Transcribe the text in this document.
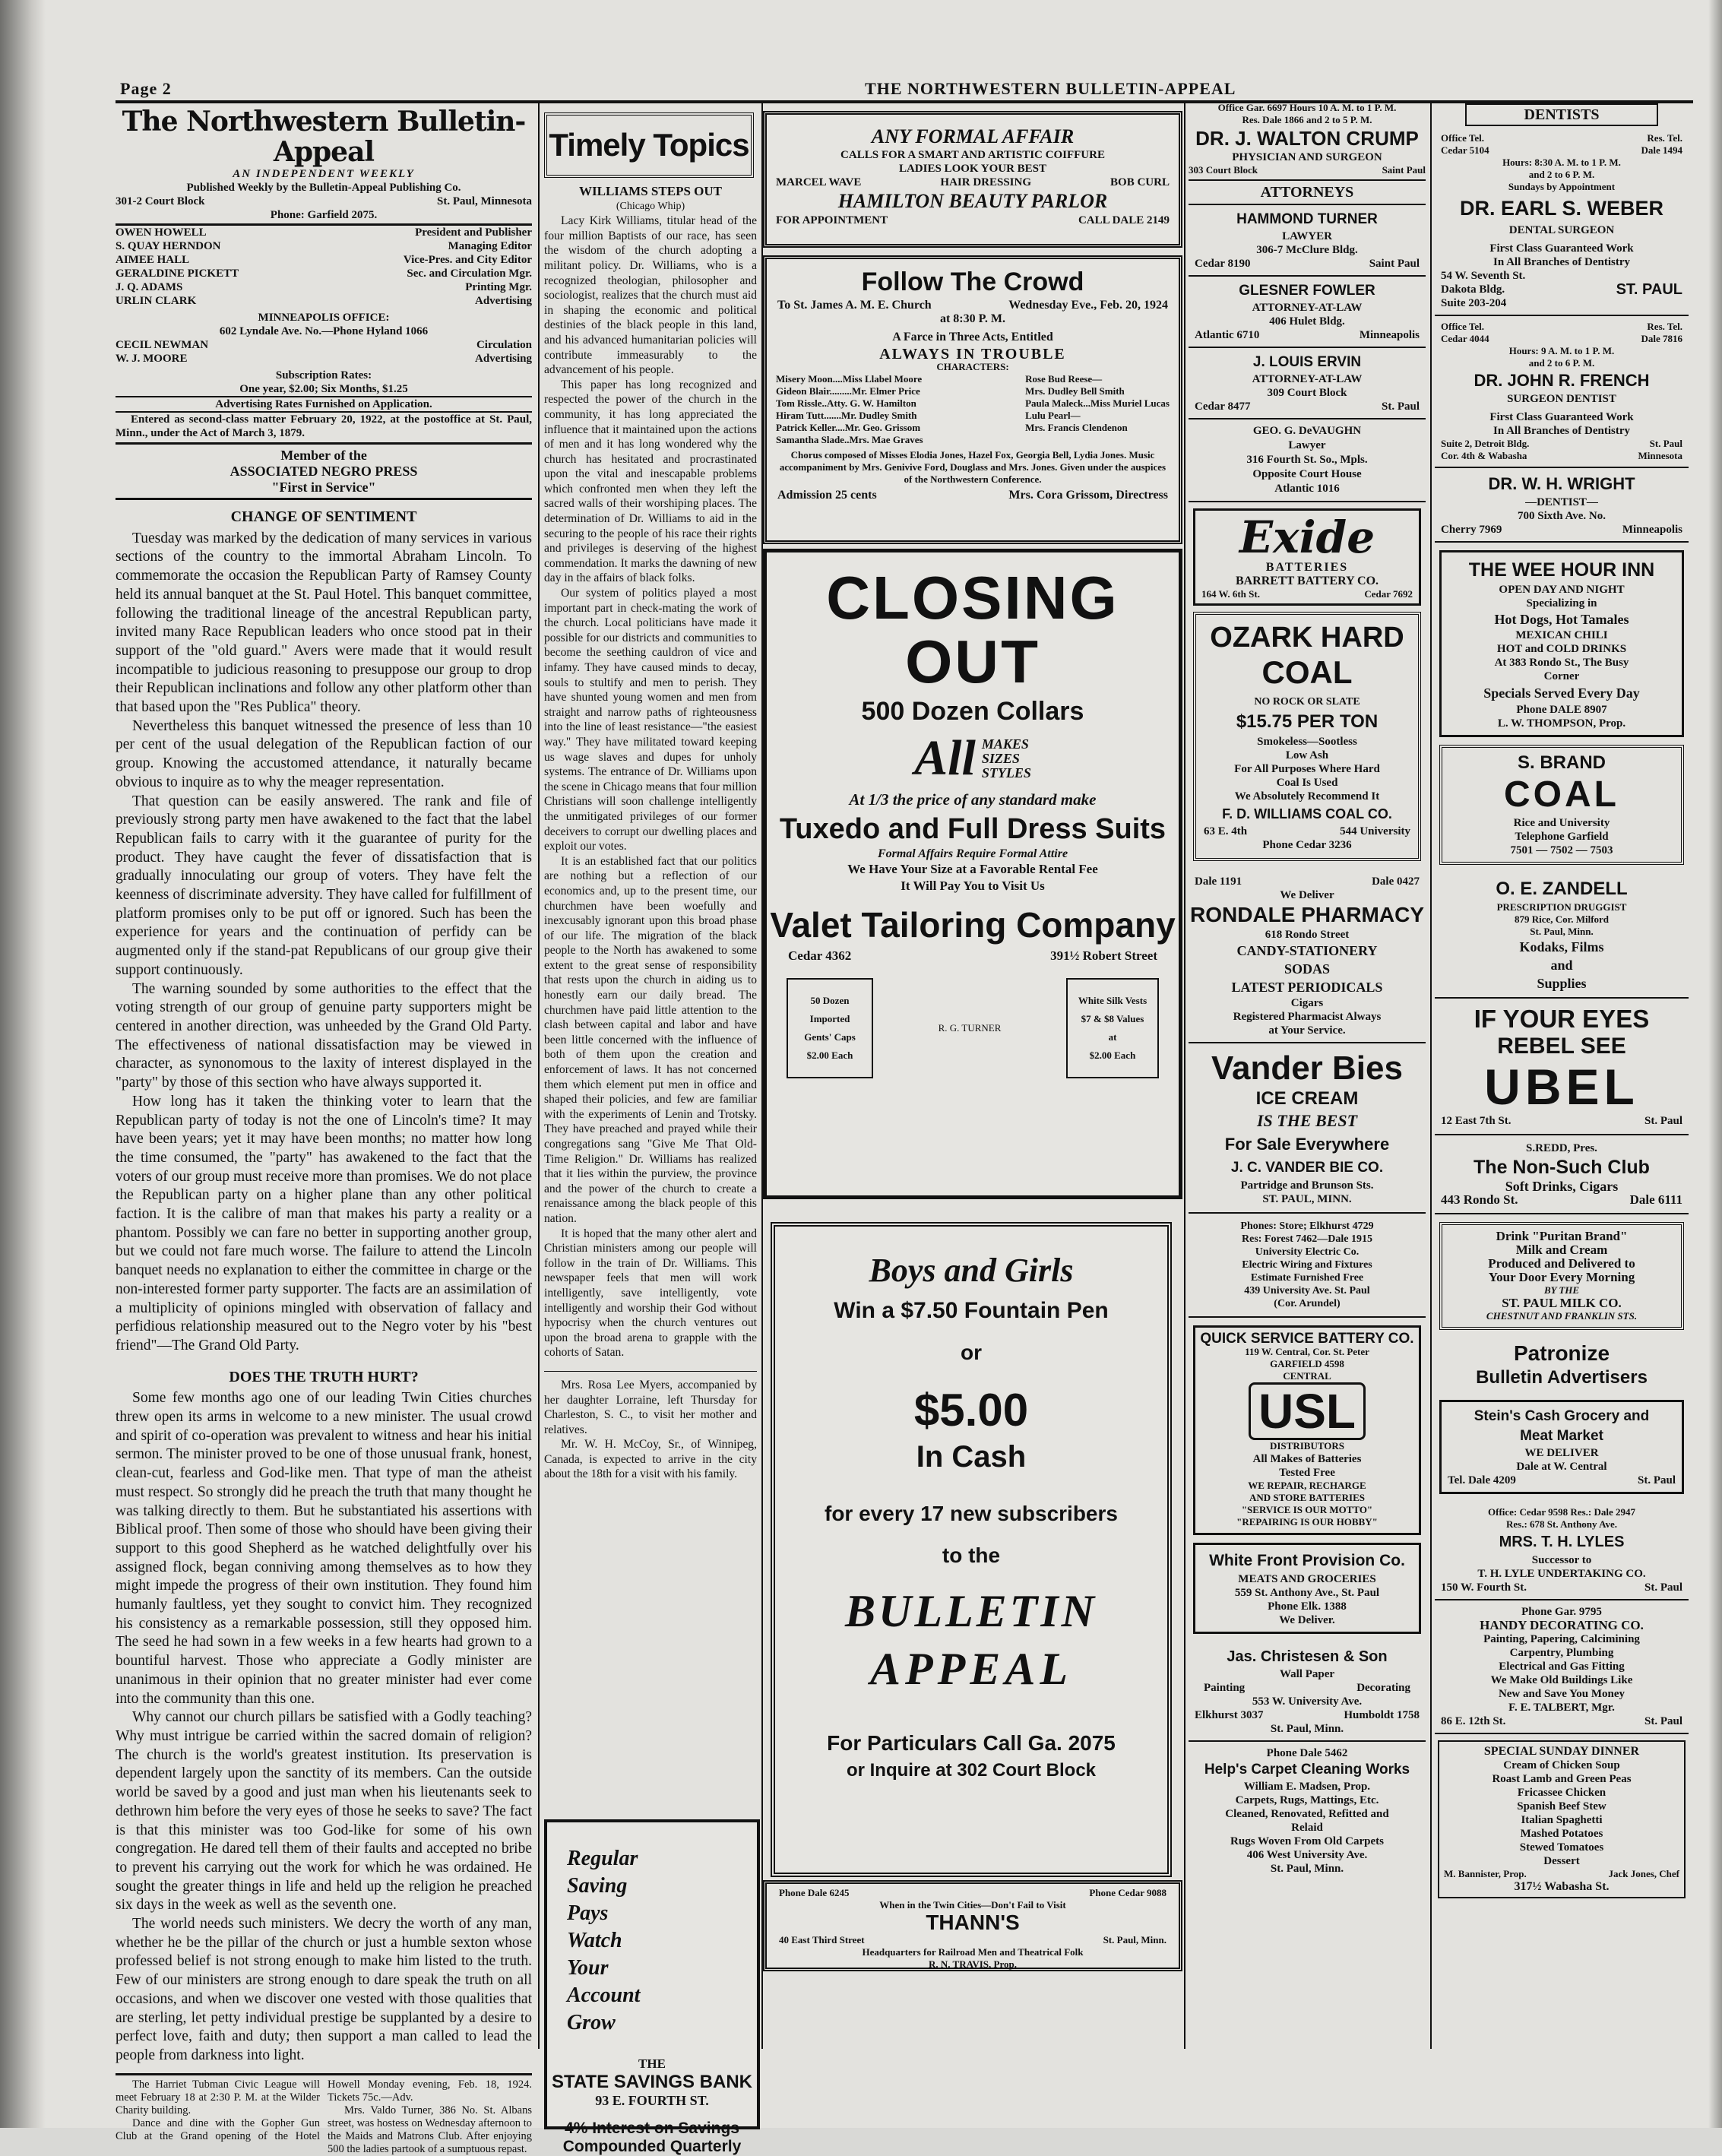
Page 2	THE NORTHWESTERN BULLETIN-APPEAL
The Northwestern Bulletin-Appeal
AN INDEPENDENT WEEKLY
Published Weekly by the Bulletin-Appeal Publishing Co.
301-2 Court Block	St. Paul, Minnesota
Phone: Garfield 2075.
OWEN HOWELL	President and Publisher
S. QUAY HERNDON	Managing Editor
AIMEE HALL	Vice-Pres. and City Editor
GERALDINE PICKETT	Sec. and Circulation Mgr.
J. Q. ADAMS	Printing Mgr.
URLIN CLARK	Advertising
MINNEAPOLIS OFFICE:
602 Lyndale Ave. No.—Phone Hyland 1066
CECIL NEWMAN	Circulation
W. J. MOORE	Advertising
Subscription Rates:
One year, $2.00; Six Months, $1.25
Advertising Rates Furnished on Application.
Entered as second-class matter February 20, 1922, at the postoffice at St. Paul, Minn., under the Act of March 3, 1879.
Member of the
ASSOCIATED NEGRO PRESS
"First in Service"
CHANGE OF SENTIMENT

Tuesday was marked by the dedication of many services in various sections of the country to the immortal Abraham Lincoln. To commemorate the occasion the Republican Party of Ramsey County held its annual banquet at the St. Paul Hotel. This banquet committee, following the traditional lineage of the ancestral Republican party, invited many Race Republican leaders who once stood pat in their support of the "old guard." Avers were made that it would result incompatible to judicious reasoning to presuppose our group to drop their Republican inclinations and follow any other platform other than that based upon the "Res Publica" theory.

Nevertheless this banquet witnessed the presence of less than 10 per cent of the usual delegation of the Republican faction of our group. Knowing the accustomed attendance, it naturally became obvious to inquire as to why the meager representation.

That question can be easily answered. The rank and file of previously strong party men have awakened to the fact that the label Republican fails to carry with it the guarantee of purity for the product. They have caught the fever of dissatisfaction that is gradually innoculating our group of voters. They have felt the keenness of discriminate adversity. They have called for fulfillment of platform promises only to be put off or ignored. Such has been the experience for years and the continuation of perfidy can be augmented only if the stand-pat Republicans of our group give their support continuously.

The warning sounded by some authorities to the effect that the voting strength of our group of genuine party supporters might be centered in another direction, was unheeded by the Grand Old Party. The effectiveness of national dissatisfaction may be viewed in character, as synonomous to the laxity of interest displayed in the "party" by those of this section who have always supported it.

How long has it taken the thinking voter to learn that the Republican party of today is not the one of Lincoln's time? It may have been years; yet it may have been months; no matter how long the time consumed, the "party" has awakened to the fact that the voters of our group must receive more than promises. We do not place the Republican party on a higher plane than any other political faction. It is the calibre of man that makes his party a reality or a phantom. Possibly we can fare no better in supporting another group, but we could not fare much worse. The failure to attend the Lincoln banquet needs no explanation to either the committee in charge or the non-interested former party supporter. The facts are an assimilation of a multiplicity of opinions mingled with observation of fallacy and perfidious relationship measured out to the Negro voter by his "best friend"—The Grand Old Party.

DOES THE TRUTH HURT?

Some few months ago one of our leading Twin Cities churches threw open its arms in welcome to a new minister. The usual crowd and spirit of co-operation was prevalent to witness and hear his initial sermon. The minister proved to be one of those unusual frank, honest, clean-cut, fearless and God-like men. That type of man the atheist must respect. So strongly did he preach the truth that many thought he was talking directly to them. But he substantiated his assertions with Biblical proof. Then some of those who should have been giving their support to this good Shepherd as he watched delightfully over his assigned flock, began conniving among themselves as to how they might impede the progress of their own institution. They found him humanly faultless, yet they sought to convict him. They recognized his consistency as a remarkable possession, still they opposed him. The seed he had sown in a few weeks in a few hearts had grown to a bountiful harvest. Those who appreciate a Godly minister are unanimous in their opinion that no greater minister had ever come into the community than this one.

Why cannot our church pillars be satisfied with a Godly teaching? Why must intrigue be carried within the sacred domain of religion? The church is the world's greatest institution. Its preservation is dependent largely upon the sanctity of its members. Can the outside world be saved by a good and just man when his lieutenants seek to dethrown him before the very eyes of those he seeks to save? The fact is that this minister was too God-like for some of his own congregation. He dared tell them of their faults and accepted no bribe to prevent his carrying out the work for which he was ordained. He sought the greater things in life and held up the religion he preached six days in the week as well as the seventh one.

The world needs such ministers. We decry the worth of any man, whether he be the pillar of the church or just a humble sexton whose professed belief is not strong enough to make him listed to the truth. Few of our ministers are strong enough to dare speak the truth on all occasions, and when we discover one vested with those qualities that are sterling, let petty individual prestige be supplanted by a desire to perfect love, faith and duty; then support a man called to lead the people from darkness into light.

The Harriet Tubman Civic League will meet February 18 at 2:30 P. M. at the Wilder Charity building.

Dance and dine with the Gopher Gun Club at the Grand opening of the Hotel Howell Monday evening, Feb. 18, 1924. Tickets 75c.—Adv.

Mrs. Valdo Turner, 386 No. St. Albans street, was hostess on Wednesday afternoon to the Maids and Matrons Club. After enjoying 500 the ladies partook of a sumptuous repast.

Timely Topics
WILLIAMS STEPS OUT
(Chicago Whip)

Lacy Kirk Williams, titular head of the four million Baptists of our race, has seen the wisdom of the church adopting a militant policy. Dr. Williams, who is a recognized theologian, philosopher and sociologist, realizes that the church must aid in shaping the economic and political destinies of the black people in this land, and his advanced humanitarian policies will contribute immeasurably to the advancement of his people.

This paper has long recognized and respected the power of the church in the community, it has long appreciated the influence that it maintained upon the actions of men and it has long wondered why the church has hesitated and procrastinated upon the vital and inescapable problems which confronted men when they left the sacred walls of their worshiping places. The determination of Dr. Williams to aid in the securing to the people of his race their rights and privileges is deserving of the highest commendation. It marks the dawning of new day in the affairs of black folks.

Our system of politics played a most important part in check-mating the work of the church. Local politicians have made it possible for our districts and communities to become the seething cauldron of vice and infamy. They have caused minds to decay, souls to stultify and men to perish. They have shunted young women and men from straight and narrow paths of righteousness into the line of least resistance—"the easiest way." They have militated toward keeping us wage slaves and dupes for unholy systems. The entrance of Dr. Williams upon the scene in Chicago means that four million Christians will soon challenge intelligently the unmitigated privileges of our former deceivers to corrupt our dwelling places and exploit our votes.

It is an established fact that our politics are nothing but a reflection of our economics and, up to the present time, our churchmen have been woefully and inexcusably ignorant upon this broad phase of our life. The migration of the black people to the North has awakened to some extent to the great sense of responsibility that rests upon the church in aiding us to honestly earn our daily bread. The churchmen have paid little attention to the clash between capital and labor and have been little concerned with the influence of both of them upon the creation and enforcement of laws. It has not concerned them which element put men in office and shaped their policies, and few are familiar with the experiments of Lenin and Trotsky. They have preached and prayed while their congregations sang "Give Me That Old-Time Religion." Dr. Williams has realized that it lies within the purview, the province and the power of the church to create a renaissance among the black people of this nation.

It is hoped that the many other alert and Christian ministers among our people will follow in the train of Dr. Williams. This newspaper feels that men will work intelligently, save intelligently, vote intelligently and worship their God without hypocrisy when the church ventures out upon the broad arena to grapple with the cohorts of Satan.

Mrs. Rosa Lee Myers, accompanied by her daughter Lorraine, left Thursday for Charleston, S. C., to visit her mother and relatives.

Mr. W. H. McCoy, Sr., of Winnipeg, Canada, is expected to arrive in the city about the 18th for a visit with his family.

Regular
Saving
Pays
Watch
Your
Account
Grow
THE
STATE SAVINGS BANK
93 E. FOURTH ST.
4% Interest on Savings
Compounded Quarterly
ANY FORMAL AFFAIR
CALLS FOR A SMART AND ARTISTIC COIFFURE
LADIES LOOK YOUR BEST
MARCEL WAVE	HAIR DRESSING	BOB CURL
HAMILTON BEAUTY PARLOR
FOR APPOINTMENT	CALL DALE 2149
Follow The Crowd
To St. James A. M. E. Church	Wednesday Eve., Feb. 20, 1924
at 8:30 P. M.
A Farce in Three Acts, Entitled
ALWAYS IN TROUBLE
CHARACTERS:
Misery Moon....Miss Llabel Moore
Gideon Blair.........Mr. Elmer Price
Tom Rissle..Atty. G. W. Hamilton
Hiram Tutt.......Mr. Dudley Smith
Patrick Keller....Mr. Geo. Grissom
Samantha Slade..Mrs. Mae Graves
Rose Bud Reese—
Mrs. Dudley Bell Smith
Paula Maleck...Miss Muriel Lucas
Lulu Pearl—
Mrs. Francis Clendenon
Chorus composed of Misses Elodia Jones, Hazel Fox, Georgia Bell, Lydia Jones. Music accompaniment by Mrs. Genivive Ford, Douglass and Mrs. Jones. Given under the auspices of the Northwestern Conference.
Admission 25 cents	Mrs. Cora Grissom, Directress
CLOSING
OUT
500 Dozen Collars
All MAKES
SIZES
STYLES
At 1/3 the price of any standard make
Tuxedo and Full Dress Suits
Formal Affairs Require Formal Attire
We Have Your Size at a Favorable Rental Fee
It Will Pay You to Visit Us
Valet Tailoring Company
Cedar 4362	391½ Robert Street
50 Dozen
Imported
Gents' Caps
$2.00 Each
R. G. TURNER
White Silk Vests
$7 & $8 Values
at
$2.00 Each
Boys and Girls
Win a $7.50 Fountain Pen
or
$5.00
In Cash
for every 17 new subscribers
to the
BULLETIN
APPEAL
For Particulars Call Ga. 2075
or Inquire at 302 Court Block
Phone Dale 6245	Phone Cedar 9088
When in the Twin Cities—Don't Fail to Visit
THANN'S
40 East Third Street	St. Paul, Minn.
Headquarters for Railroad Men and Theatrical Folk
R. N. TRAVIS, Prop.
Office Gar. 6697 Hours 10 A. M. to 1 P. M.
Res. Dale 1866 and 2 to 5 P. M.
DR. J. WALTON CRUMP
PHYSICIAN AND SURGEON
303 Court Block	Saint Paul
ATTORNEYS
HAMMOND TURNER
LAWYER
306-7 McClure Bldg.
Cedar 8190	Saint Paul
GLESNER FOWLER
ATTORNEY-AT-LAW
406 Hulet Bldg.
Atlantic 6710	Minneapolis
J. LOUIS ERVIN
ATTORNEY-AT-LAW
309 Court Block
Cedar 8477	St. Paul
GEO. G. DeVAUGHN
Lawyer
316 Fourth St. So., Mpls.
Opposite Court House
Atlantic 1016
Exide
BATTERIES
BARRETT BATTERY CO.
164 W. 6th St.	Cedar 7692
OZARK HARD
COAL
NO ROCK OR SLATE
$15.75 PER TON
Smokeless—Sootless
Low Ash
For All Purposes Where Hard
Coal Is Used
We Absolutely Recommend It
F. D. WILLIAMS COAL CO.
63 E. 4th	544 University
Phone Cedar 3236
Dale 1191	Dale 0427
We Deliver
RONDALE PHARMACY
618 Rondo Street
CANDY-STATIONERY
SODAS
LATEST PERIODICALS
Cigars
Registered Pharmacist Always
at Your Service.
Vander Bies
ICE CREAM
IS THE BEST
For Sale Everywhere
J. C. VANDER BIE CO.
Partridge and Brunson Sts.
ST. PAUL, MINN.
Phones: Store; Elkhurst 4729
Res: Forest 7462—Dale 1915
University Electric Co.
Electric Wiring and Fixtures
Estimate Furnished Free
439 University Ave. St. Paul
(Cor. Arundel)
QUICK SERVICE BATTERY CO.
119 W. Central, Cor. St. Peter
GARFIELD 4598
CENTRAL
USL
DISTRIBUTORS
All Makes of Batteries
Tested Free
WE REPAIR, RECHARGE
AND STORE BATTERIES
"SERVICE IS OUR MOTTO"
"REPAIRING IS OUR HOBBY"
White Front Provision Co.
MEATS AND GROCERIES
559 St. Anthony Ave., St. Paul
Phone Elk. 1388
We Deliver.
Jas. Christesen & Son
Wall Paper
Painting	Decorating
553 W. University Ave.
Elkhurst 3037	Humboldt 1758
St. Paul, Minn.
Phone Dale 5462
Help's Carpet Cleaning Works
William E. Madsen, Prop.
Carpets, Rugs, Mattings, Etc.
Cleaned, Renovated, Refitted and
Relaid
Rugs Woven From Old Carpets
406 West University Ave.
St. Paul, Minn.
DENTISTS
Office Tel.	Res. Tel.
Cedar 5104	Dale 1494
Hours: 8:30 A. M. to 1 P. M.
and 2 to 6 P. M.
Sundays by Appointment
DR. EARL S. WEBER
DENTAL SURGEON
First Class Guaranteed Work
In All Branches of Dentistry
54 W. Seventh St.
Dakota Bldg.
Suite 203-204
ST. PAUL
Office Tel.	Res. Tel.
Cedar 4044	Dale 7816
Hours: 9 A. M. to 1 P. M.
and 2 to 6 P. M.
DR. JOHN R. FRENCH
SURGEON DENTIST
First Class Guaranteed Work
In All Branches of Dentistry
Suite 2, Detroit Bldg.	St. Paul
Cor. 4th & Wabasha	Minnesota
DR. W. H. WRIGHT
—DENTIST—
700 Sixth Ave. No.
Cherry 7969	Minneapolis
THE WEE HOUR INN
OPEN DAY AND NIGHT
Specializing in
Hot Dogs, Hot Tamales
MEXICAN CHILI
HOT and COLD DRINKS
At 383 Rondo St., The Busy
Corner
Specials Served Every Day
Phone DALE 8907
L. W. THOMPSON, Prop.
S. BRAND
COAL
Rice and University
Telephone Garfield
7501 — 7502 — 7503
O. E. ZANDELL
PRESCRIPTION DRUGGIST
879 Rice, Cor. Milford
St. Paul, Minn.
Kodaks, Films
and
Supplies
IF YOUR EYES
REBEL SEE
UBEL
12 East 7th St.	St. Paul
S.REDD, Pres.
The Non-Such Club
Soft Drinks, Cigars
443 Rondo St.	Dale 6111
Drink "Puritan Brand"
Milk and Cream
Produced and Delivered to
Your Door Every Morning
BY THE
ST. PAUL MILK CO.
CHESTNUT AND FRANKLIN STS.
Patronize
Bulletin Advertisers
Stein's Cash Grocery and
Meat Market
WE DELIVER
Dale at W. Central
Tel. Dale 4209	St. Paul
Office: Cedar 9598 Res.: Dale 2947
Res.: 678 St. Anthony Ave.
MRS. T. H. LYLES
Successor to
T. H. LYLE UNDERTAKING CO.
150 W. Fourth St.	St. Paul
Phone Gar. 9795
HANDY DECORATING CO.
Painting, Papering, Calcimining
Carpentry, Plumbing
Electrical and Gas Fitting
We Make Old Buildings Like
New and Save You Money
F. E. TALBERT, Mgr.
86 E. 12th St.	St. Paul
SPECIAL SUNDAY DINNER
Cream of Chicken Soup
Roast Lamb and Green Peas
Fricassee Chicken
Spanish Beef Stew
Italian Spaghetti
Mashed Potatoes
Stewed Tomatoes
Dessert
M. Bannister, Prop.	Jack Jones, Chef
317½ Wabasha St.
